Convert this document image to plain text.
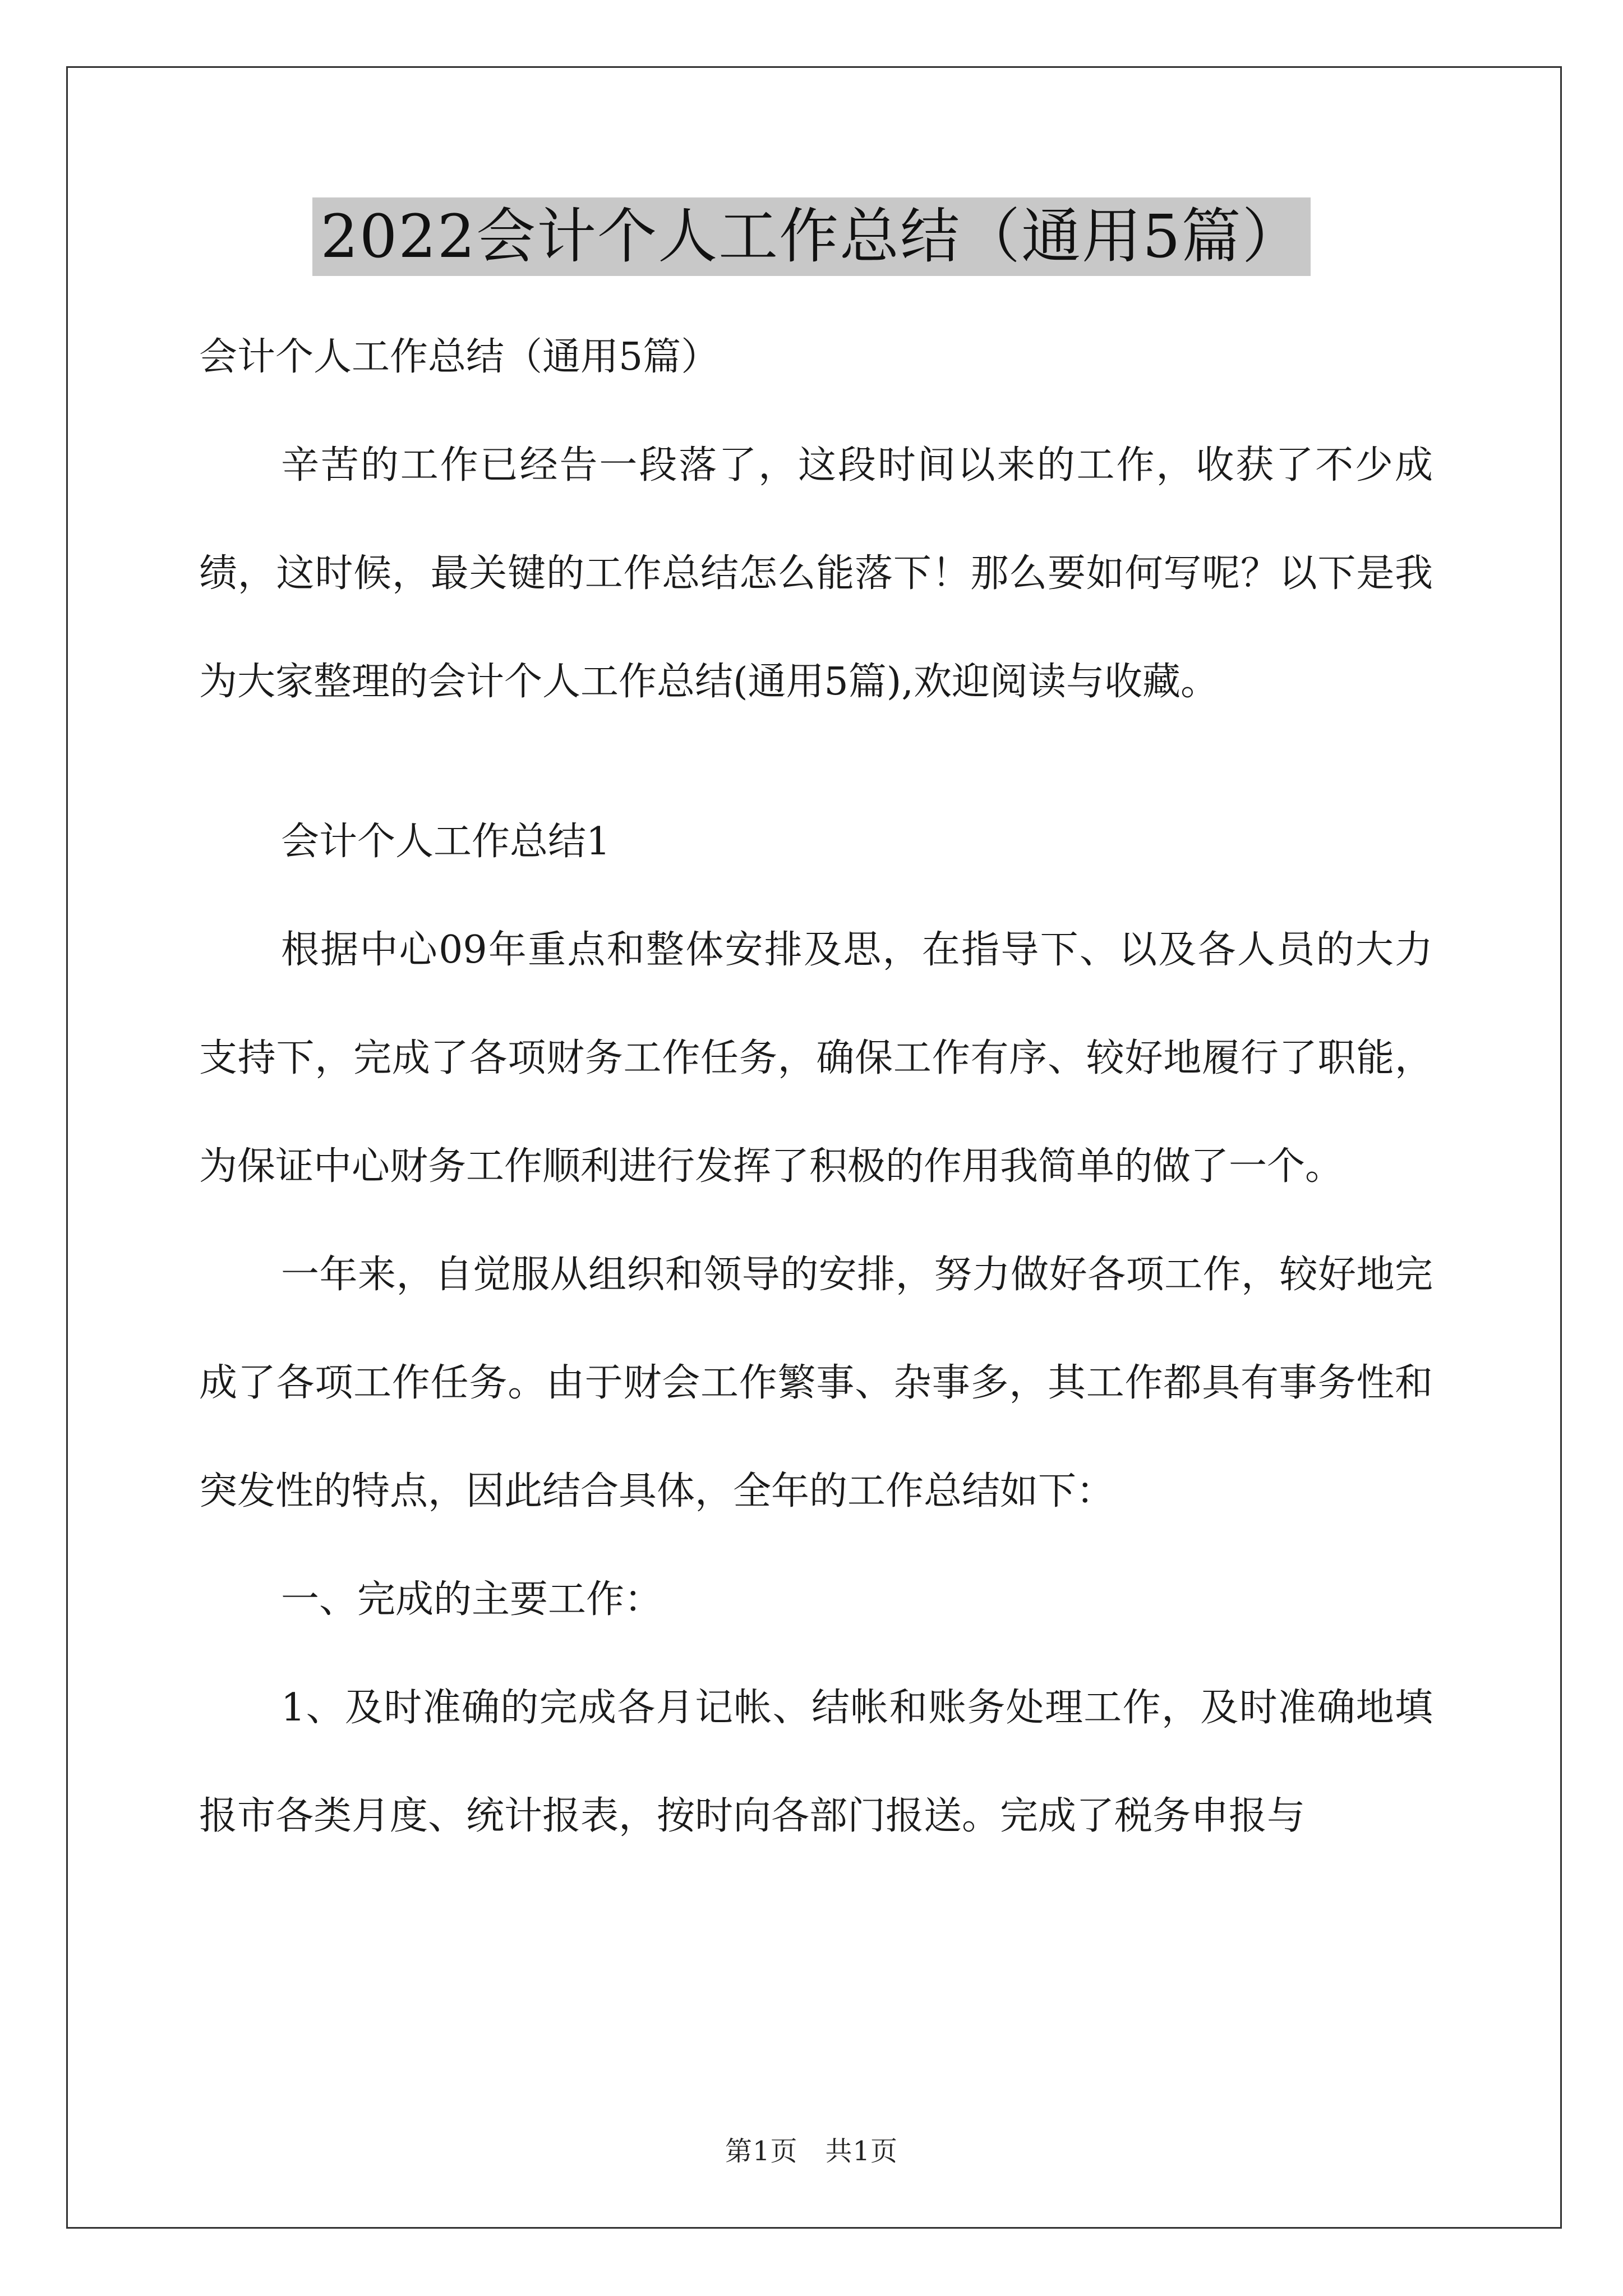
2022会计个人工作总结（通用5篇）

会计个人工作总结（通用5篇）

辛苦的工作已经告一段落了，这段时间以来的工作，收获了不少成绩，这时候，最关键的工作总结怎么能落下！那么要如何写呢？以下是我为大家整理的会计个人工作总结(通用5篇),欢迎阅读与收藏。

会计个人工作总结1

根据中心09年重点和整体安排及思，在指导下、以及各人员的大力支持下，完成了各项财务工作任务，确保工作有序、较好地履行了职能，为保证中心财务工作顺利进行发挥了积极的作用我简单的做了一个。

一年来，自觉服从组织和领导的安排，努力做好各项工作，较好地完成了各项工作任务。由于财会工作繁事、杂事多，其工作都具有事务性和突发性的特点，因此结合具体，全年的工作总结如下：

一、完成的主要工作：

1、及时准确的完成各月记帐、结帐和账务处理工作，及时准确地填报市各类月度、统计报表，按时向各部门报送。完成了税务申报与

第1页　共1页
